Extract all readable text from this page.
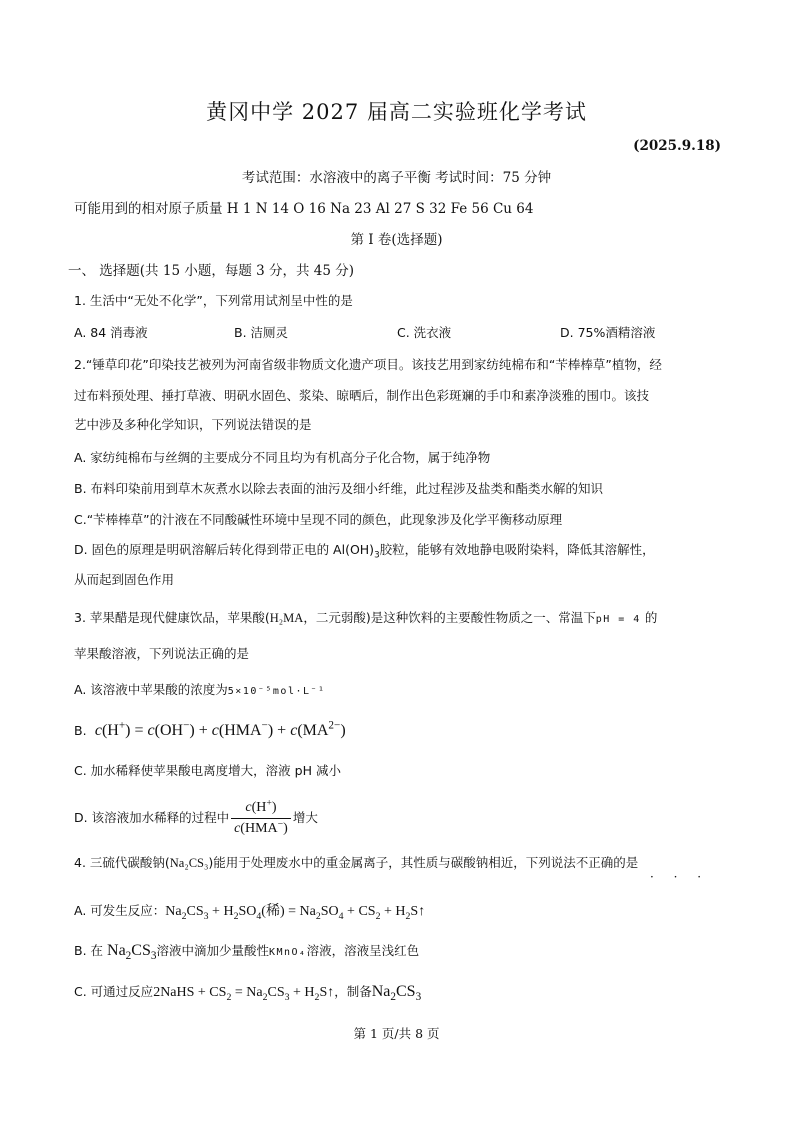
黄冈中学 2027 届高二实验班化学考试
(2025.9.18)
考试范围：水溶液中的离子平衡 考试时间：75 分钟
可能用到的相对原子质量 H 1 N 14 O 16 Na 23 Al 27 S 32 Fe 56 Cu 64
第 I 卷(选择题)
一、 选择题(共 15 小题，每题 3 分，共 45 分)
1. 生活中“无处不化学”，下列常用试剂呈中性的是
A. 84 消毒液	B. 洁厕灵	C. 洗衣液	D. 75%酒精溶液
2.“锤草印花”印染技艺被列为河南省级非物质文化遗产项目。该技艺用到家纺纯棉布和“苄棒棒草”植物，经
过布料预处理、捶打草液、明矾水固色、浆染、晾晒后，制作出色彩斑斓的手巾和素净淡雅的围巾。该技
艺中涉及多种化学知识，下列说法错误的是
A. 家纺纯棉布与丝绸的主要成分不同且均为有机高分子化合物，属于纯净物
B. 布料印染前用到草木灰煮水以除去表面的油污及细小纤维，此过程涉及盐类和酯类水解的知识
C.“苄棒棒草”的汁液在不同酸碱性环境中呈现不同的颜色，此现象涉及化学平衡移动原理
D. 固色的原理是明矾溶解后转化得到带正电的 $Al(OH)_3$胶粒，能够有效地静电吸附染料，降低其溶解性，
从而起到固色作用
3. 苹果醋是现代健康饮品，苹果酸(H₂MA，二元弱酸)是这种饮料的主要酸性物质之一、常温下pH = 4 的
苹果酸溶液，下列说法正确的是
A. 该溶液中苹果酸的浓度为5×10⁻⁵mol·L⁻¹
B.  $c(H^+) = c(OH^-) + c(HMA^-) + c(MA^{2-})$
C. 加水稀释使苹果酸电离度增大，溶液 pH 减小
D. 该溶液加水稀释的过程中 $\frac{c(H^+)}{c(HMA^-)}$ 增大
4. 三硫代碳酸钠(Na₂CS₃)能用于处理废水中的重金属离子，其性质与碳酸钠相近，下列说法不正确的是
· · ·
A. 可发生反应：$Na_2CS_3 + H_2SO_4$(稀) = $Na_2SO_4 + CS_2$ + $H_2S↑$
B. 在 $Na_2CS_3$溶液中滴加少量酸性KMnO₄溶液，溶液呈浅红色
C. 可通过反应2NaHS + $CS_2 = Na_2CS_3$ + $H_2S↑$，制备$Na_2CS_3$
第 1 页/共 8 页
